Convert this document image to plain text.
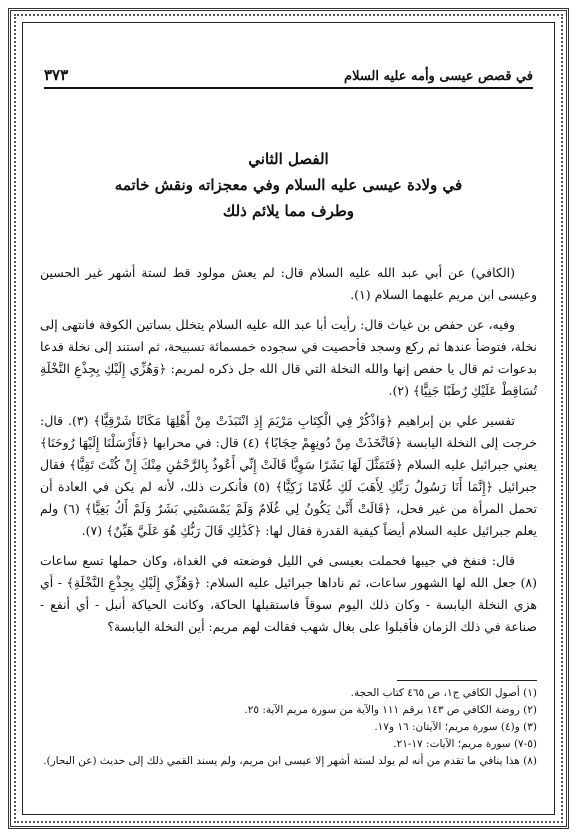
في قصص عيسى وأمه عليه السلام
٣٧٣
الفصل الثاني
في ولادة عيسى عليه السلام وفي معجزاته ونقش خاتمه
وطرف مما يلائم ذلك

(الكافي) عن أبي عبد الله عليه السلام قال: لم يعش مولود قط لستة أشهر غير الحسين وعيسى ابن مريم عليهما السلام (١).

وفيه، عن حفص بن غياث قال: رأيت أبا عبد الله عليه السلام يتخلل بساتين الكوفة فانتهى إلى نخلة، فتوضأ عندها ثم ركع وسجد فأحصيت في سجوده خمسمائة تسبيحة، ثم استند إلى نخلة فدعا بدعوات ثم قال يا حفص إنها والله النخلة التي قال الله جل ذكره لمريم: ﴿وَهُزِّي إِلَيْكِ بِجِذْعِ النَّخْلَةِ تُسَاقِطْ عَلَيْكِ رُطَبًا جَنِيًّا﴾ (٢).

تفسير علي بن إبراهيم ﴿وَاذْكُرْ فِي الْكِتَابِ مَرْيَمَ إِذِ انْتَبَذَتْ مِنْ أَهْلِهَا مَكَانًا شَرْقِيًّا﴾ (٣). قال: خرجت إلى النخلة اليابسة ﴿فَاتَّخَذَتْ مِنْ دُونِهِمْ حِجَابًا﴾ (٤) قال: في محرابها ﴿فَأَرْسَلْنَا إِلَيْهَا رُوحَنَا﴾ يعني جبرائيل عليه السلام ﴿فَتَمَثَّلَ لَهَا بَشَرًا سَوِيًّا قَالَتْ إِنِّي أَعُوذُ بِالرَّحْمَٰنِ مِنْكَ إِنْ كُنْتَ تَقِيًّا﴾ فقال جبرائيل ﴿إِنَّمَا أَنَا رَسُولُ رَبِّكِ لِأَهَبَ لَكِ غُلَامًا زَكِيًّا﴾ (٥) فأنكرت ذلك، لأنه لم يكن في العادة أن تحمل المرأة من غير فحل، ﴿قَالَتْ أَنَّىٰ يَكُونُ لِي غُلَامٌ وَلَمْ يَمْسَسْنِي بَشَرٌ وَلَمْ أَكُ بَغِيًّا﴾ (٦) ولم يعلم جبرائيل عليه السلام أيضاً كيفية القدرة فقال لها: ﴿كَذَٰلِكِ قَالَ رَبُّكِ هُوَ عَلَيَّ هَيِّنٌ﴾ (٧).

قال: فنفخ في جيبها فحملت بعيسى في الليل فوضعته في الغداة، وكان حملها تسع ساعات (٨) جعل الله لها الشهور ساعات، ثم ناداها جبرائيل عليه السلام: ﴿وَهُزِّي إِلَيْكِ بِجِذْعِ النَّخْلَةِ﴾ - أي هزي النخلة اليابسة - وكان ذلك اليوم سوقاً فاستقبلها الحاكة، وكانت الحياكة أنبل - أي أنفع - صناعة في ذلك الزمان فأقبلوا على بغال شهب فقالت لهم مريم: أين النخلة اليابسة؟

(١) أصول الكافي ج١، ص ٤٦٥ كتاب الحجة.
(٢) روضة الكافي ص ١٤٣ برقم ١١١ والآية من سورة مريم الآية: ٢٥.
(٣) و(٤) سورة مريم؛ الآيتان: ١٦ و١٧.
(٥-٧) سورة مريم؛ الآيات: ١٧-٢١.
(٨) هذا ينافي ما تقدم من أنه لم يولد لستة أشهر إلا عيسى ابن مريم، ولم يسند القمي ذلك إلى حديث (عن البحار).
